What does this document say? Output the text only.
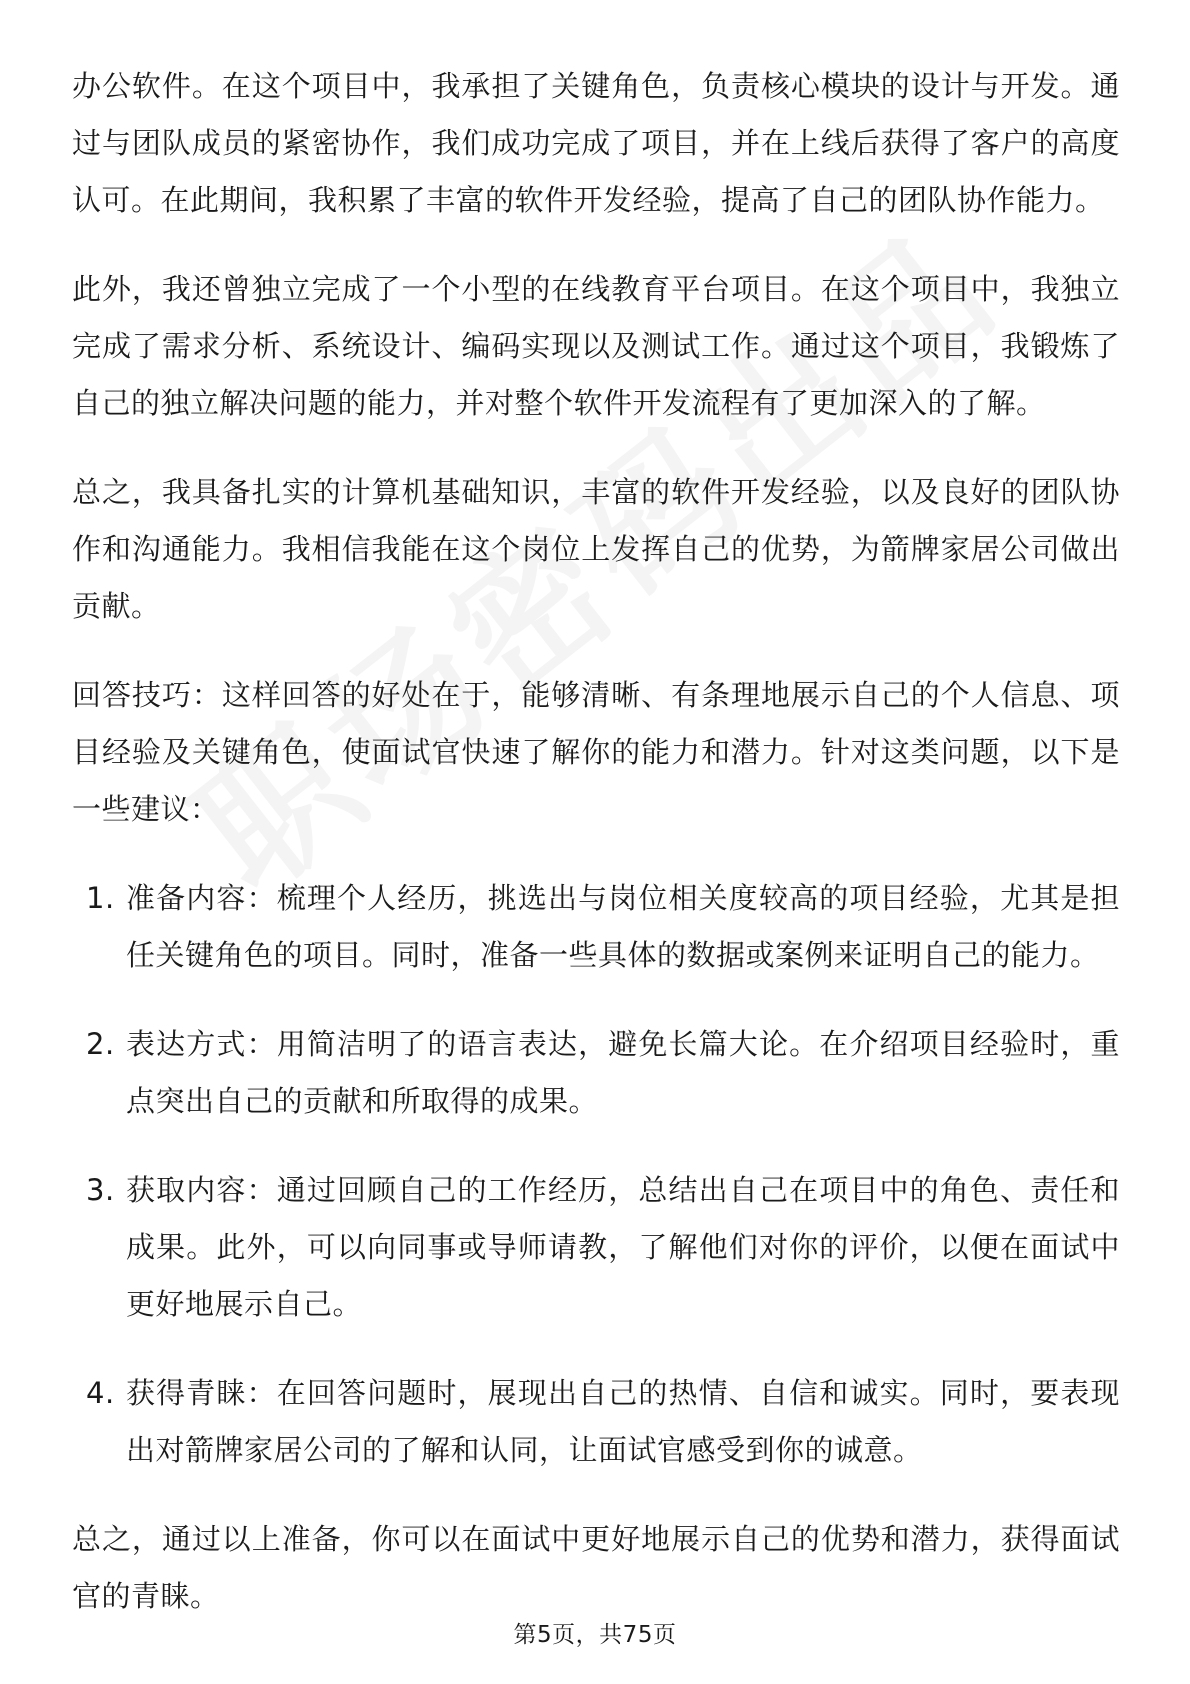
办公软件。在这个项目中，我承担了关键角色，负责核心模块的设计与开发。通过与团队成员的紧密协作，我们成功完成了项目，并在上线后获得了客户的高度认可。在此期间，我积累了丰富的软件开发经验，提高了自己的团队协作能力。

此外，我还曾独立完成了一个小型的在线教育平台项目。在这个项目中，我独立完成了需求分析、系统设计、编码实现以及测试工作。通过这个项目，我锻炼了自己的独立解决问题的能力，并对整个软件开发流程有了更加深入的了解。

总之，我具备扎实的计算机基础知识，丰富的软件开发经验，以及良好的团队协作和沟通能力。我相信我能在这个岗位上发挥自己的优势，为箭牌家居公司做出贡献。

回答技巧：这样回答的好处在于，能够清晰、有条理地展示自己的个人信息、项目经验及关键角色，使面试官快速了解你的能力和潜力。针对这类问题，以下是一些建议：

1. 准备内容：梳理个人经历，挑选出与岗位相关度较高的项目经验，尤其是担任关键角色的项目。同时，准备一些具体的数据或案例来证明自己的能力。
2. 表达方式：用简洁明了的语言表达，避免长篇大论。在介绍项目经验时，重点突出自己的贡献和所取得的成果。
3. 获取内容：通过回顾自己的工作经历，总结出自己在项目中的角色、责任和成果。此外，可以向同事或导师请教，了解他们对你的评价，以便在面试中更好地展示自己。
4. 获得青睐：在回答问题时，展现出自己的热情、自信和诚实。同时，要表现出对箭牌家居公司的了解和认同，让面试官感受到你的诚意。

总之，通过以上准备，你可以在面试中更好地展示自己的优势和潜力，获得面试官的青睐。

第5页，共75页
